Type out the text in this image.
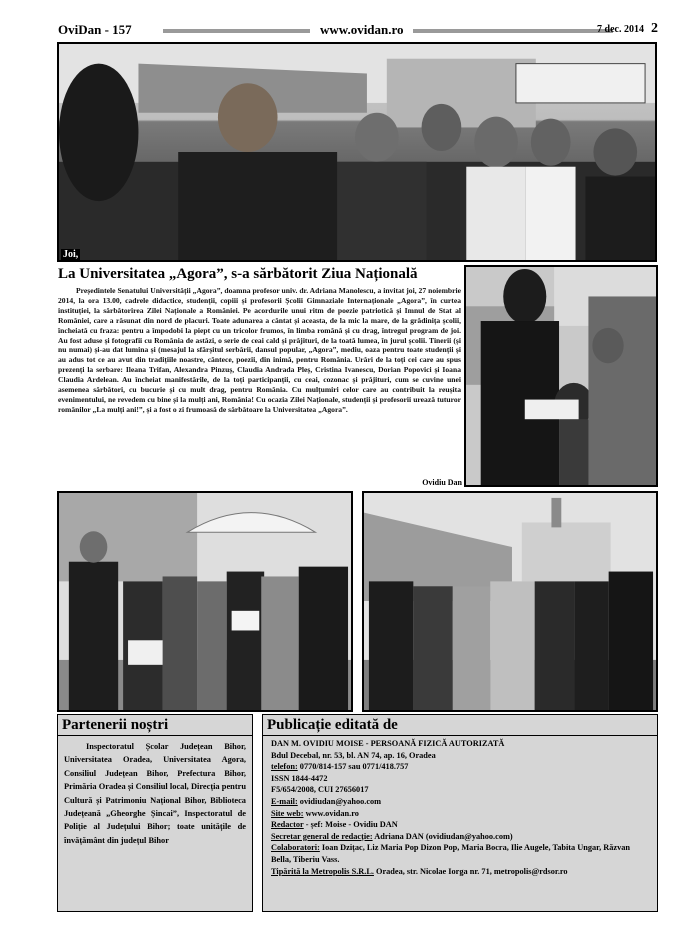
OviDan - 157	www.ovidan.ro	7 dec. 2014 2
Joi,
La Universitatea „Agora”, s-a sărbătorit Ziua Națională
Președintele Senatului Universității „Agora”, doamna profesor univ. dr. Adriana Manolescu, a invitat joi, 27 noiembrie 2014, la ora 13.00, cadrele didactice, studenții, copiii și profesorii Școlii Gimnaziale Internaționale „Agora”, în curtea instituției, la sărbătorirea Zilei Naționale a României. Pe acordurile unui ritm de poezie patriotică și Imnul de Stat al României, care a răsunat din nord de placuri. Toate adunarea a cântat și aceasta, de la mic la mare, de la grădinița școlii, încheiată cu fraza: pentru a împodobi la piept cu un tricolor frumos, în limba română și cu drag, întregul program de joi. Au fost aduse și fotografii cu România de astăzi, o serie de ceai cald și prăjituri, de la toată lumea, în jurul școlii. Tinerii (și nu numai) și-au dat lumina și (mesajul la sfârșitul serbării, dansul popular, „Agora”, mediu, oaza pentru toate studenții și au adus tot ce au avut din tradițiile noastre, cântece, poezii, din inimă, pentru România. Urări de la toți cei care au spus prezenți la serbare: Ileana Trifan, Alexandra Pinzuș, Claudia Andrada Pleș, Cristina Ivanescu, Dorian Popovici și Ioana Claudia Ardelean. Au încheiat manifestările, de la toți participanții, cu ceai, cozonac și prăjituri, cum se cuvine unei asemenea sărbători, cu bucurie și cu mult drag, pentru România. Cu mulțumiri celor care au contribuit la reușita evenimentului, ne revedem cu bine și la mulți ani, România! Cu ocazia Zilei Naționale, studenții și profesorii urează tuturor românilor „La mulți ani!”, și a fost o zi frumoasă de sărbătoare la Universitatea „Agora”.
Ovidiu Dan
Partenerii noștri
Inspectoratul Școlar Județean Bihor, Universitatea Oradea, Universitatea Agora, Consiliul Județean Bihor, Prefectura Bihor, Primăria Oradea și Consiliul local, Direcția pentru Cultură și Patrimoniu Național Bihor, Biblioteca Județeană „Gheorghe Șincai”, Inspectoratul de Poliție al Județului Bihor; toate unitățile de învățământ din județul Bihor
Publicație editată de
DAN M. OVIDIU MOISE - PERSOANĂ FIZICĂ AUTORIZATĂ
Bdul Decebal, nr. 53, bl. AN 74, ap. 16, Oradea
telefon: 0770/814-157 sau 0771/418.757
ISSN 1844-4472
F5/654/2008, CUI 27656017
E-mail: ovidiudan@yahoo.com
Site web: www.ovidan.ro
Redactor - șef: Moise - Ovidiu DAN
Secretar general de redacție: Adriana DAN (ovidiudan@yahoo.com)
Colaboratori: Ioan Dzițac, Liz Maria Pop Dizon Pop, Maria Bocra, Ilie Augele, Tabita Ungar, Răzvan Bella, Tiberiu Vass.
Tipărită la Metropolis S.R.L. Oradea, str. Nicolae Iorga nr. 71, metropolis@rdsor.ro
